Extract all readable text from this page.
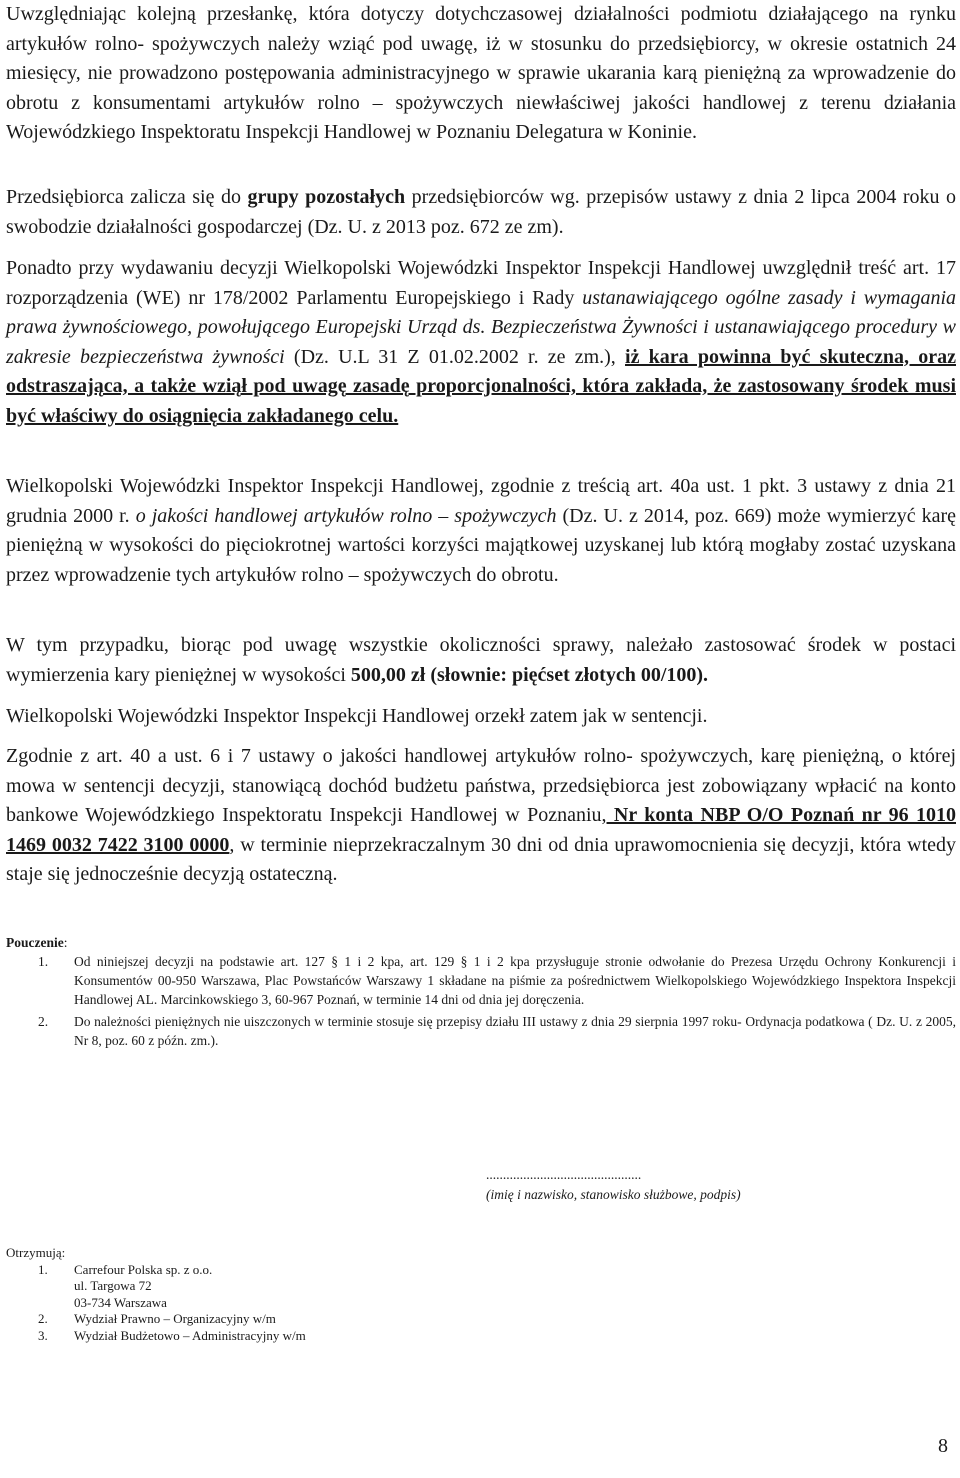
Uwzględniając kolejną przesłankę, która dotyczy dotychczasowej działalności podmiotu działającego na rynku artykułów rolno- spożywczych należy wziąć pod uwagę, iż w stosunku do przedsiębiorcy, w okresie ostatnich 24 miesięcy, nie prowadzono postępowania administracyjnego w sprawie ukarania karą pieniężną za wprowadzenie do obrotu z konsumentami artykułów rolno – spożywczych niewłaściwej jakości handlowej z terenu działania Wojewódzkiego Inspektoratu Inspekcji Handlowej w Poznaniu Delegatura w Koninie.

Przedsiębiorca zalicza się do grupy pozostałych przedsiębiorców wg. przepisów ustawy z dnia 2 lipca 2004 roku o swobodzie działalności gospodarczej (Dz. U. z 2013 poz. 672 ze zm).

Ponadto przy wydawaniu decyzji Wielkopolski Wojewódzki Inspektor Inspekcji Handlowej uwzględnił treść art. 17 rozporządzenia (WE) nr 178/2002 Parlamentu Europejskiego i Rady ustanawiającego ogólne zasady i wymagania prawa żywnościowego, powołującego Europejski Urząd ds. Bezpieczeństwa Żywności i ustanawiającego procedury w zakresie bezpieczeństwa żywności (Dz. U.L 31 Z 01.02.2002 r. ze zm.), iż kara powinna być skuteczna, oraz odstraszająca, a także wziął pod uwagę zasadę proporcjonalności, która zakłada, że zastosowany środek musi być właściwy do osiągnięcia zakładanego celu.

Wielkopolski Wojewódzki Inspektor Inspekcji Handlowej, zgodnie z treścią art. 40a ust. 1 pkt. 3 ustawy z dnia 21 grudnia 2000 r. o jakości handlowej artykułów rolno – spożywczych (Dz. U. z 2014, poz. 669) może wymierzyć karę pieniężną w wysokości do pięciokrotnej wartości korzyści majątkowej uzyskanej lub którą mogłaby zostać uzyskana przez wprowadzenie tych artykułów rolno – spożywczych do obrotu.

W tym przypadku, biorąc pod uwagę wszystkie okoliczności sprawy, należało zastosować środek w postaci wymierzenia kary pieniężnej w wysokości 500,00 zł (słownie: pięćset złotych 00/100).

Wielkopolski Wojewódzki Inspektor Inspekcji Handlowej orzekł zatem jak w sentencji.

Zgodnie z art. 40 a ust. 6 i 7 ustawy o jakości handlowej artykułów rolno- spożywczych, karę pieniężną, o której mowa w sentencji decyzji, stanowiącą dochód budżetu państwa, przedsiębiorca jest zobowiązany wpłacić na konto bankowe Wojewódzkiego Inspektoratu Inspekcji Handlowej w Poznaniu, Nr konta NBP O/O Poznań nr 96 1010 1469 0032 7422 3100 0000, w terminie nieprzekraczalnym 30 dni od dnia uprawomocnienia się decyzji, która wtedy staje się jednocześnie decyzją ostateczną.

Pouczenie:

1. Od niniejszej decyzji na podstawie art. 127 § 1 i 2 kpa, art. 129 § 1 i 2 kpa przysługuje stronie odwołanie do Prezesa Urzędu Ochrony Konkurencji i Konsumentów 00-950 Warszawa, Plac Powstańców Warszawy 1 składane na piśmie za pośrednictwem Wielkopolskiego Wojewódzkiego Inspektora Inspekcji Handlowej AL. Marcinkowskiego 3, 60-967 Poznań, w terminie 14 dni od dnia jej doręczenia.
2. Do należności pieniężnych nie uiszczonych w terminie stosuje się przepisy działu III ustawy z dnia 29 sierpnia 1997 roku- Ordynacja podatkowa ( Dz. U. z 2005, Nr 8, poz. 60 z późn. zm.).
..............................................
(imię i nazwisko, stanowisko służbowe, podpis)
Otrzymują:
1. Carrefour Polska sp. z o.o.
ul. Targowa 72
03-734 Warszawa
2. Wydział Prawno – Organizacyjny w/m
3. Wydział Budżetowo – Administracyjny w/m
8
